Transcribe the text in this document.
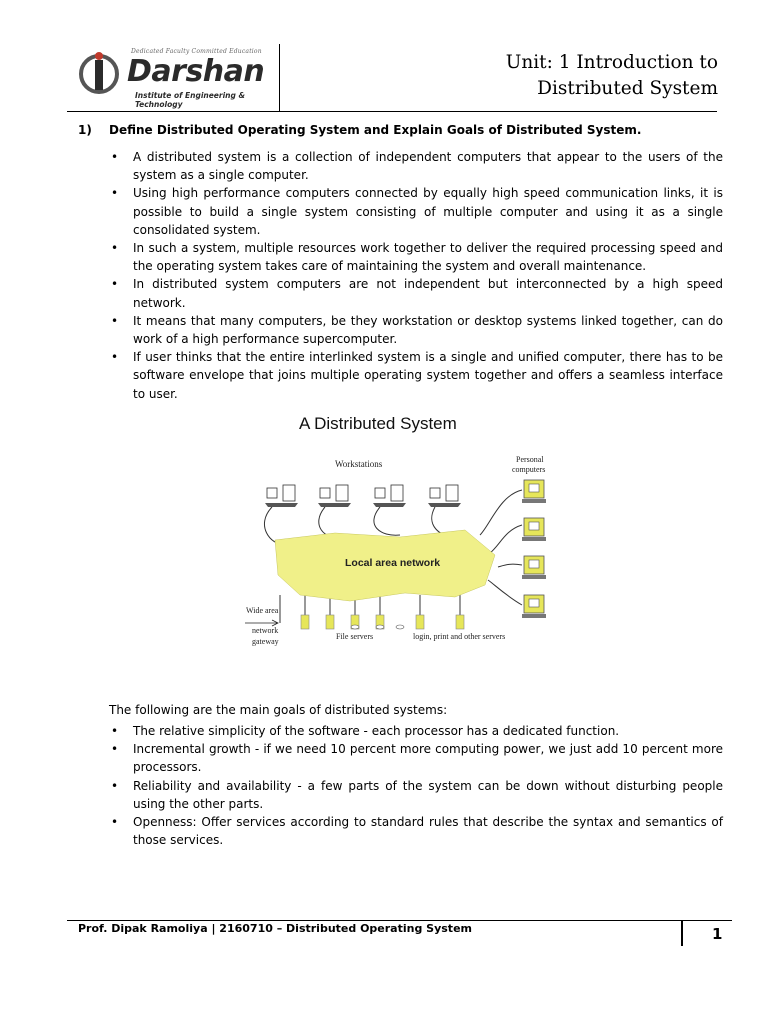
Dedicated Faculty Committed Education
Darshan
Institute of Engineering & Technology
Unit: 1 Introduction to
Distributed System
1) Define Distributed Operating System and Explain Goals of Distributed System.
• A distributed system is a collection of independent computers that appear to the users of the system as a single computer.
• Using high performance computers connected by equally high speed communication links, it is possible to build a single system consisting of multiple computer and using it as a single consolidated system.
• In such a system, multiple resources work together to deliver the required processing speed and the operating system takes care of maintaining the system and overall maintenance.
• In distributed system computers are not independent but interconnected by a high speed network.
• It means that many computers, be they workstation or desktop systems linked together, can do work of a high performance supercomputer.
• If user thinks that the entire interlinked system is a single and unified computer, there has to be software envelope that joins multiple operating system together and offers a seamless interface to user.
A Distributed System
Local area network
Workstations	Personal
computers
File servers	login, print and other servers
Wide area
network
gateway
The following are the main goals of distributed systems:
• The relative simplicity of the software - each processor has a dedicated function.
• Incremental growth - if we need 10 percent more computing power, we just add 10 percent more processors.
• Reliability and availability - a few parts of the system can be down without disturbing people using the other parts.
• Openness: Offer services according to standard rules that describe the syntax and semantics of those services.
Prof. Dipak Ramoliya | 2160710 – Distributed Operating System	1
